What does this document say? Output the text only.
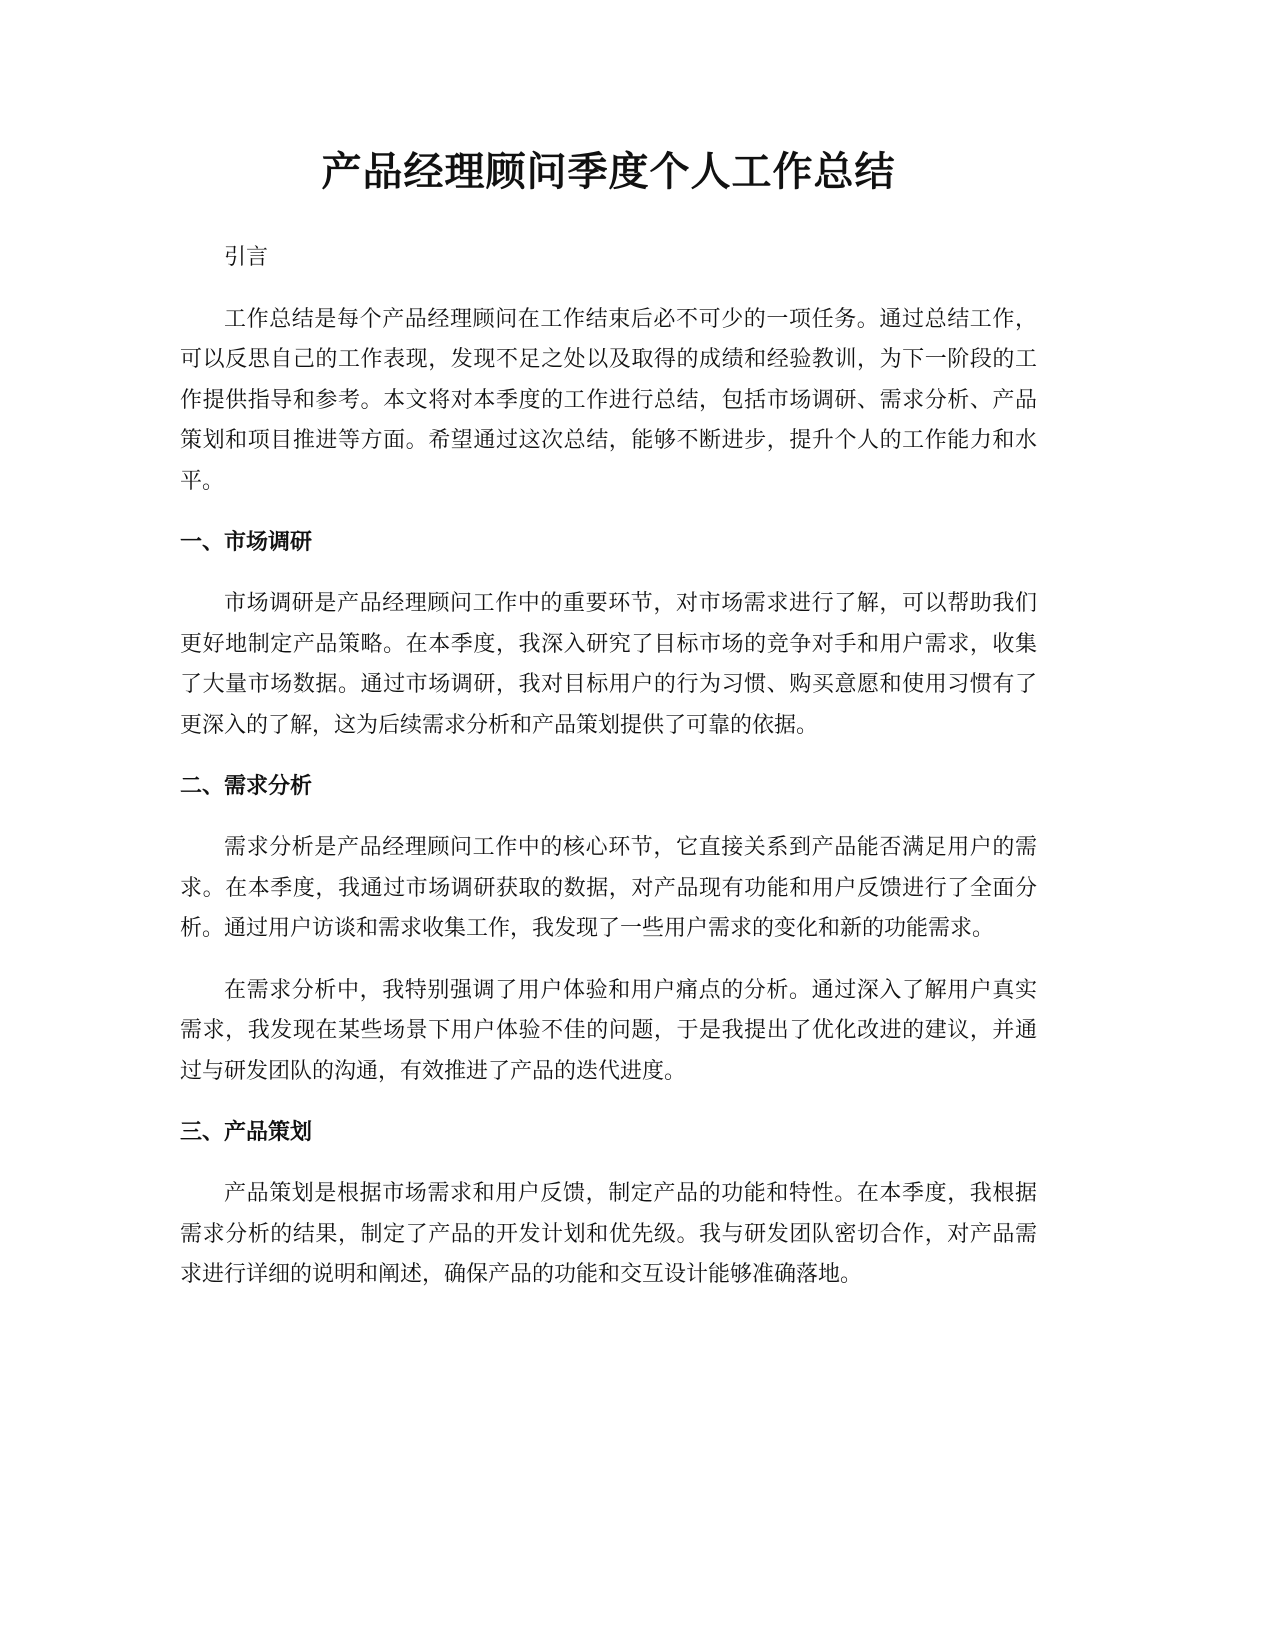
产品经理顾问季度个人工作总结

引言

工作总结是每个产品经理顾问在工作结束后必不可少的一项任务。通过总结工作，可以反思自己的工作表现，发现不足之处以及取得的成绩和经验教训，为下一阶段的工作提供指导和参考。本文将对本季度的工作进行总结，包括市场调研、需求分析、产品策划和项目推进等方面。希望通过这次总结，能够不断进步，提升个人的工作能力和水平。

一、市场调研

市场调研是产品经理顾问工作中的重要环节，对市场需求进行了解，可以帮助我们更好地制定产品策略。在本季度，我深入研究了目标市场的竞争对手和用户需求，收集了大量市场数据。通过市场调研，我对目标用户的行为习惯、购买意愿和使用习惯有了更深入的了解，这为后续需求分析和产品策划提供了可靠的依据。

二、需求分析

需求分析是产品经理顾问工作中的核心环节，它直接关系到产品能否满足用户的需求。在本季度，我通过市场调研获取的数据，对产品现有功能和用户反馈进行了全面分析。通过用户访谈和需求收集工作，我发现了一些用户需求的变化和新的功能需求。

在需求分析中，我特别强调了用户体验和用户痛点的分析。通过深入了解用户真实需求，我发现在某些场景下用户体验不佳的问题，于是我提出了优化改进的建议，并通过与研发团队的沟通，有效推进了产品的迭代进度。

三、产品策划

产品策划是根据市场需求和用户反馈，制定产品的功能和特性。在本季度，我根据需求分析的结果，制定了产品的开发计划和优先级。我与研发团队密切合作，对产品需求进行详细的说明和阐述，确保产品的功能和交互设计能够准确落地。
